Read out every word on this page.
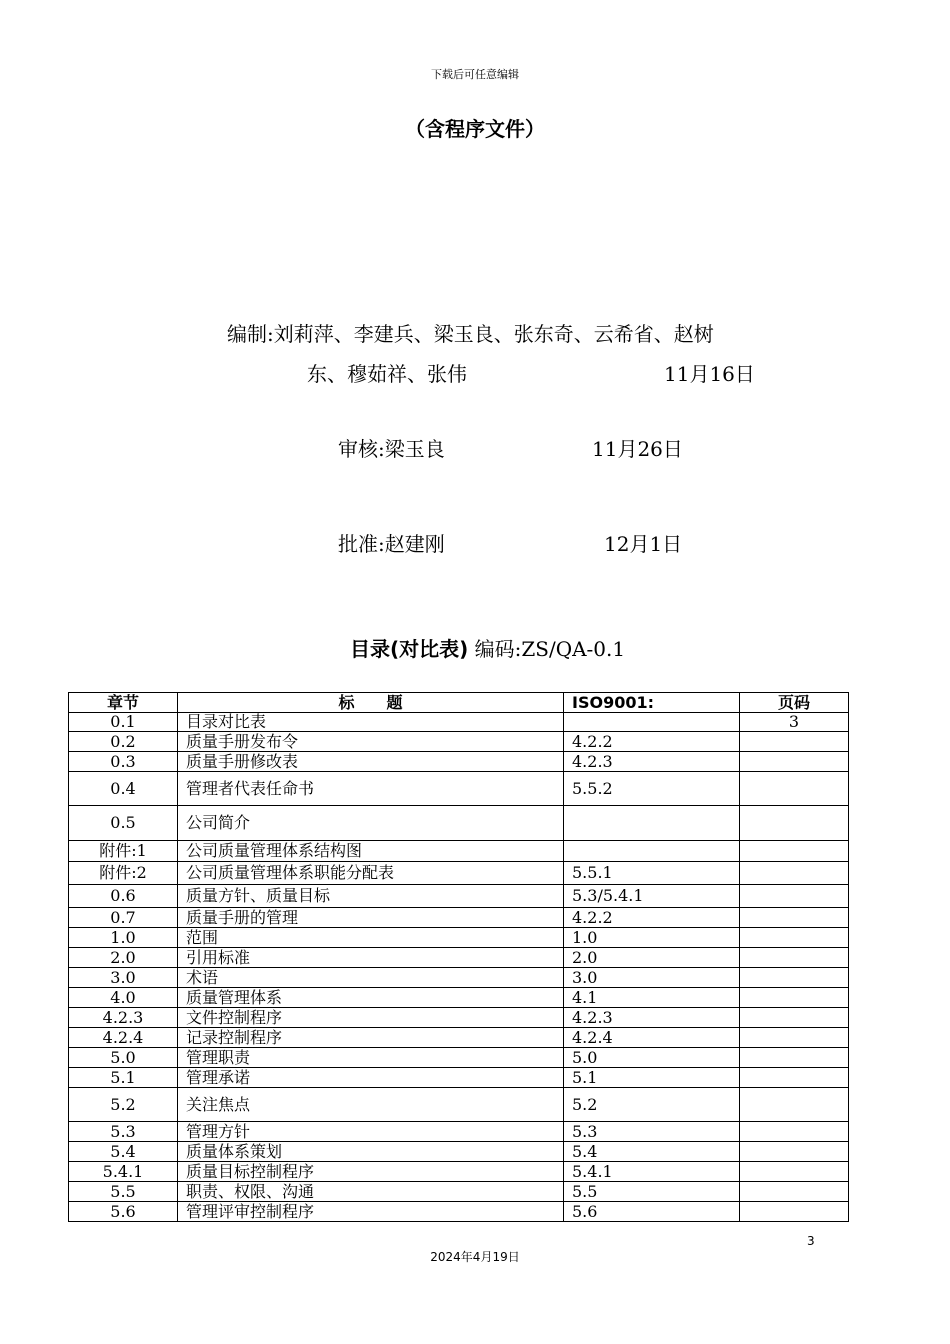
下载后可任意编辑
（含程序文件）
编制:刘莉萍、李建兵、梁玉良、张东奇、云希省、赵树
东、穆茹祥、张伟	11月16日
审核:梁玉良	11月26日
批准:赵建刚	12月1日
目录(对比表) 编码:ZS/QA-0.1
章节	标　　题	ISO9001:	页码
0.1	目录对比表		3
0.2	质量手册发布令	4.2.2	
0.3	质量手册修改表	4.2.3	
0.4	管理者代表任命书	5.5.2	
0.5	公司简介		
附件:1	公司质量管理体系结构图		
附件:2	公司质量管理体系职能分配表	5.5.1	
0.6	质量方针、质量目标	5.3/5.4.1	
0.7	质量手册的管理	4.2.2	
1.0	范围	1.0	
2.0	引用标准	2.0	
3.0	术语	3.0	
4.0	质量管理体系	4.1	
4.2.3	文件控制程序	4.2.3	
4.2.4	记录控制程序	4.2.4	
5.0	管理职责	5.0	
5.1	管理承诺	5.1	
5.2	关注焦点	5.2	
5.3	管理方针	5.3	
5.4	质量体系策划	5.4	
5.4.1	质量目标控制程序	5.4.1	
5.5	职责、权限、沟通	5.5	
5.6	管理评审控制程序	5.6	
3
2024年4月19日
